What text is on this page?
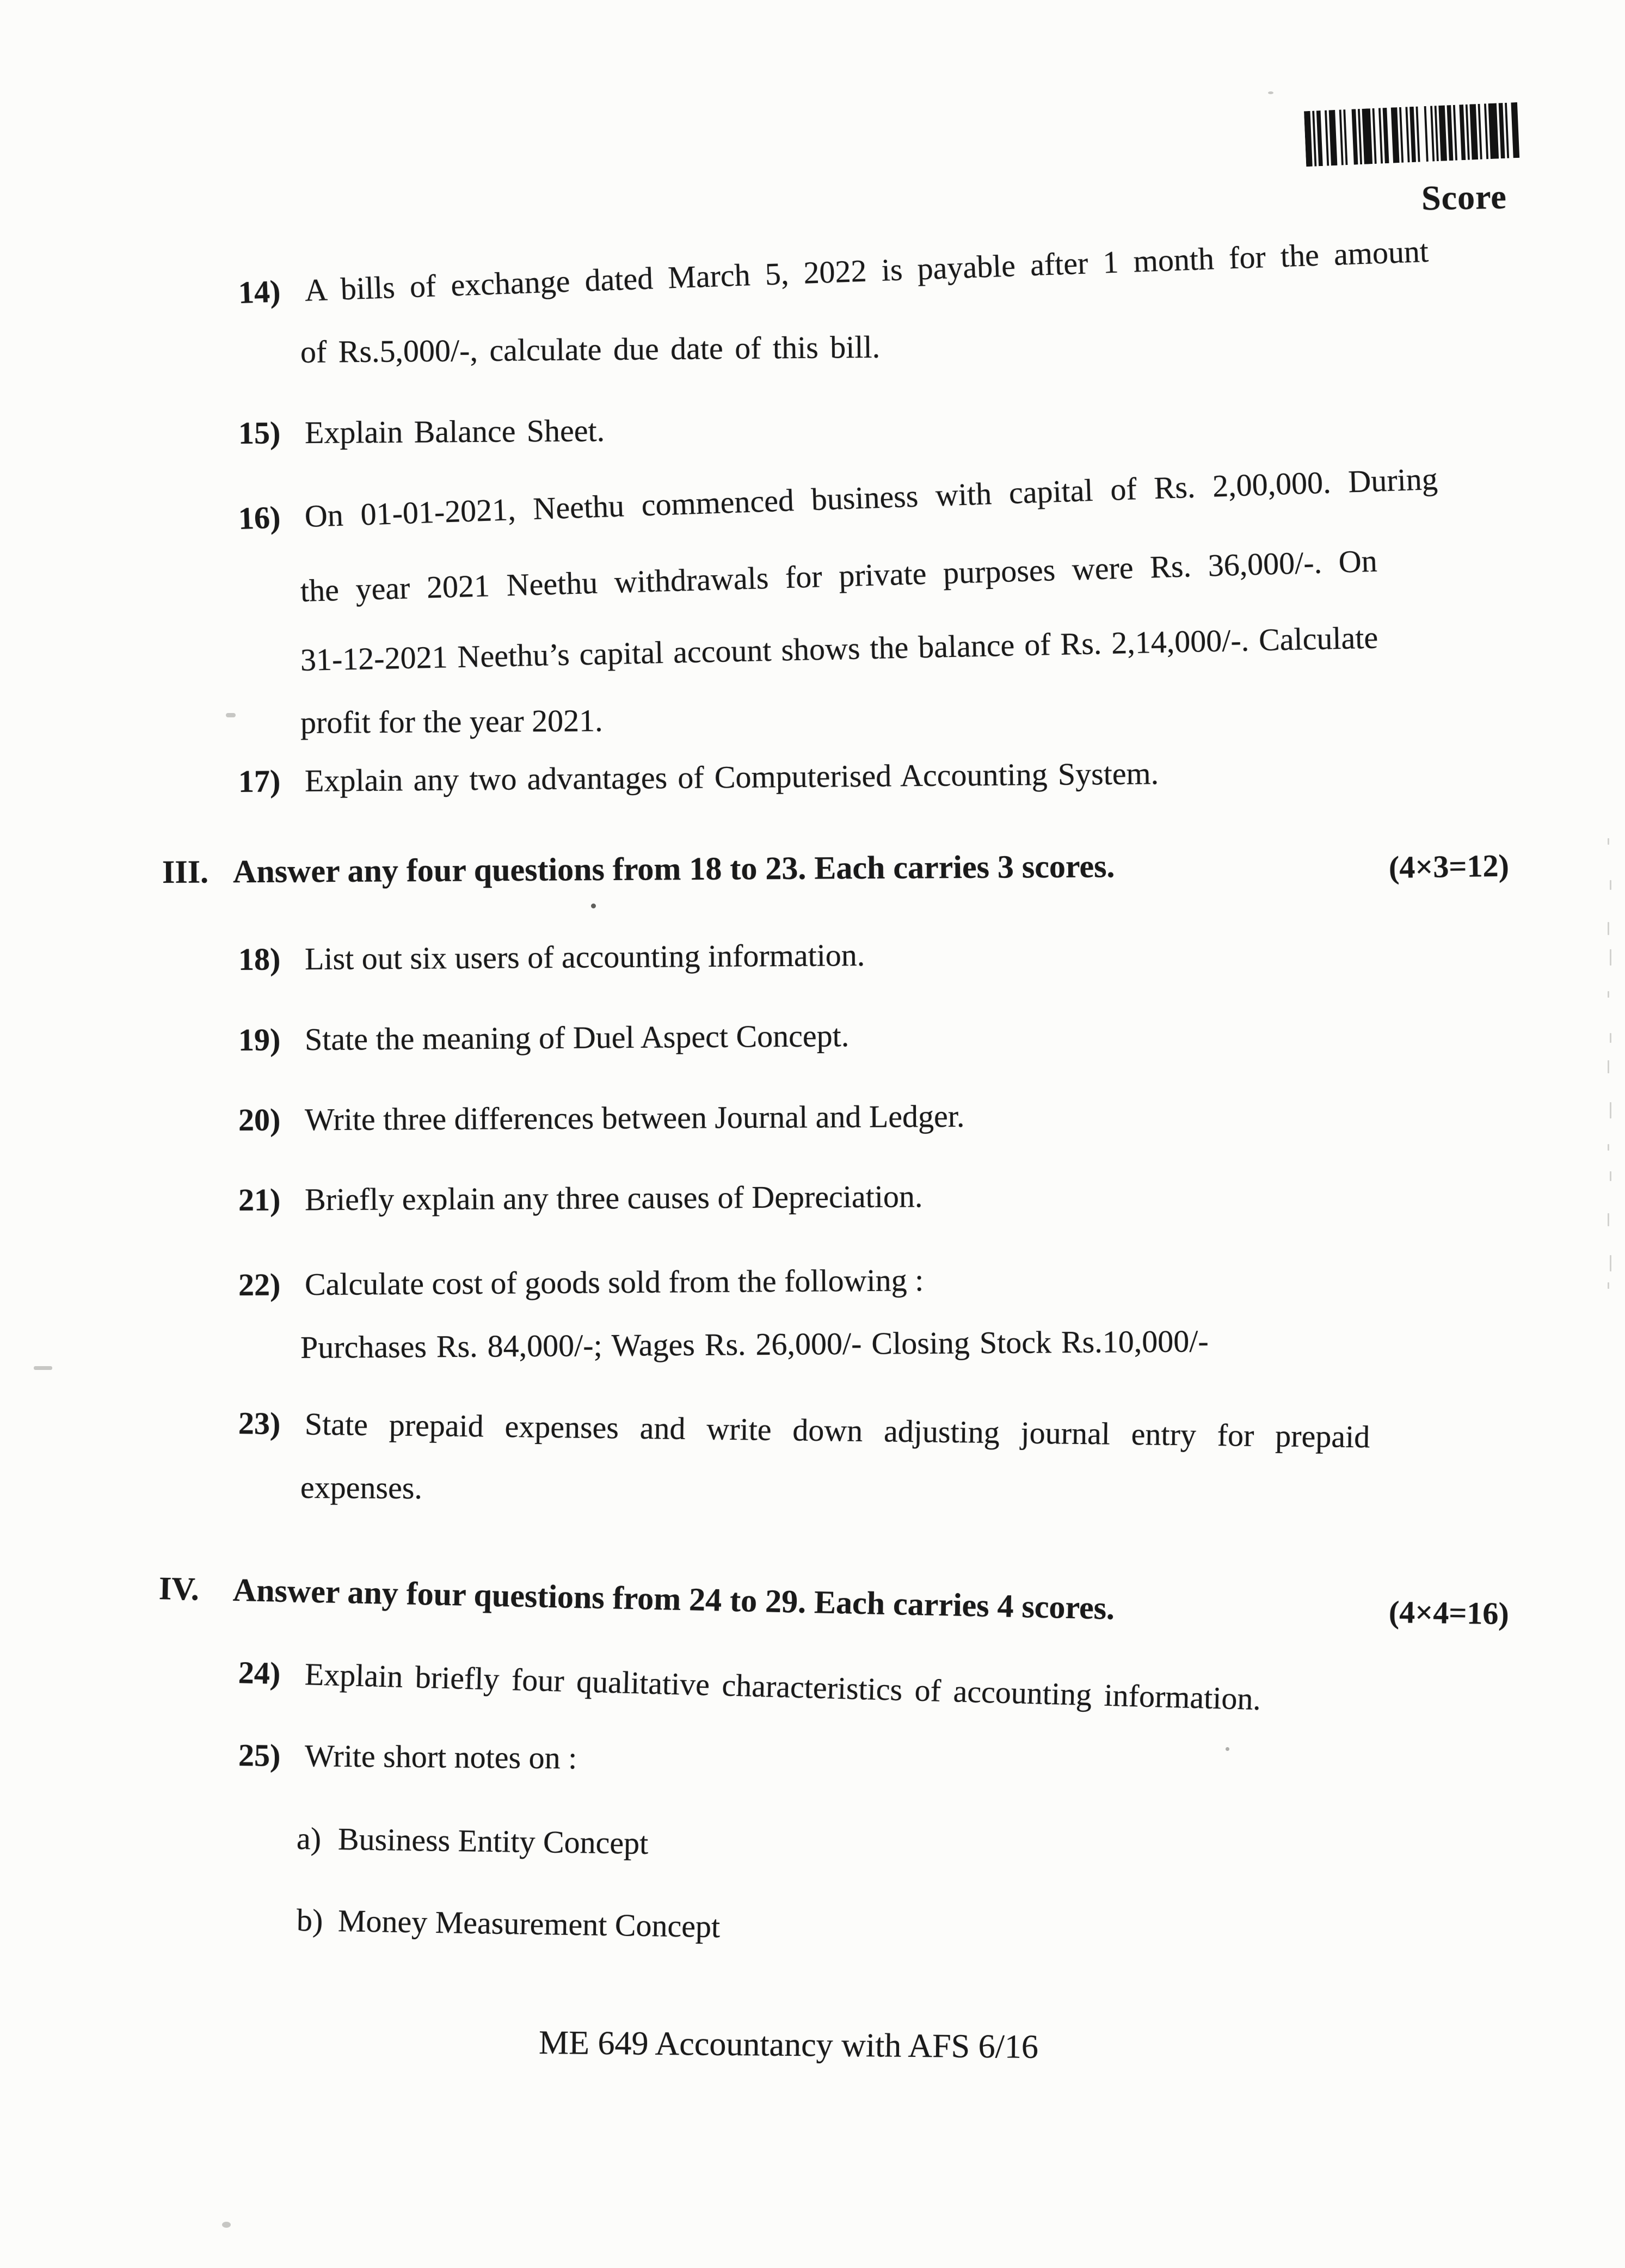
Score
14) A bills of exchange dated March 5, 2022 is payable after 1 month for the amount
of Rs.5,000/-, calculate due date of this bill.
15) Explain Balance Sheet.
16) On 01-01-2021, Neethu commenced business with capital of Rs. 2,00,000. During
the year 2021 Neethu withdrawals for private purposes were Rs. 36,000/-. On
31-12-2021 Neethu’s capital account shows the balance of Rs. 2,14,000/-. Calculate
profit for the year 2021.
17) Explain any two advantages of Computerised Accounting System.
III. Answer any four questions from 18 to 23. Each carries 3 scores.	(4×3=12)
18) List out six users of accounting information.
19) State the meaning of Duel Aspect Concept.
20) Write three differences between Journal and Ledger.
21) Briefly explain any three causes of Depreciation.
22) Calculate cost of goods sold from the following :
Purchases Rs. 84,000/-; Wages Rs. 26,000/- Closing Stock Rs.10,000/-
23) State prepaid expenses and write down adjusting journal entry for prepaid
expenses.
IV. Answer any four questions from 24 to 29. Each carries 4 scores.	(4×4=16)
24) Explain briefly four qualitative characteristics of accounting information.
25) Write short notes on :
a) Business Entity Concept
b) Money Measurement Concept
ME 649 Accountancy with AFS 6/16
